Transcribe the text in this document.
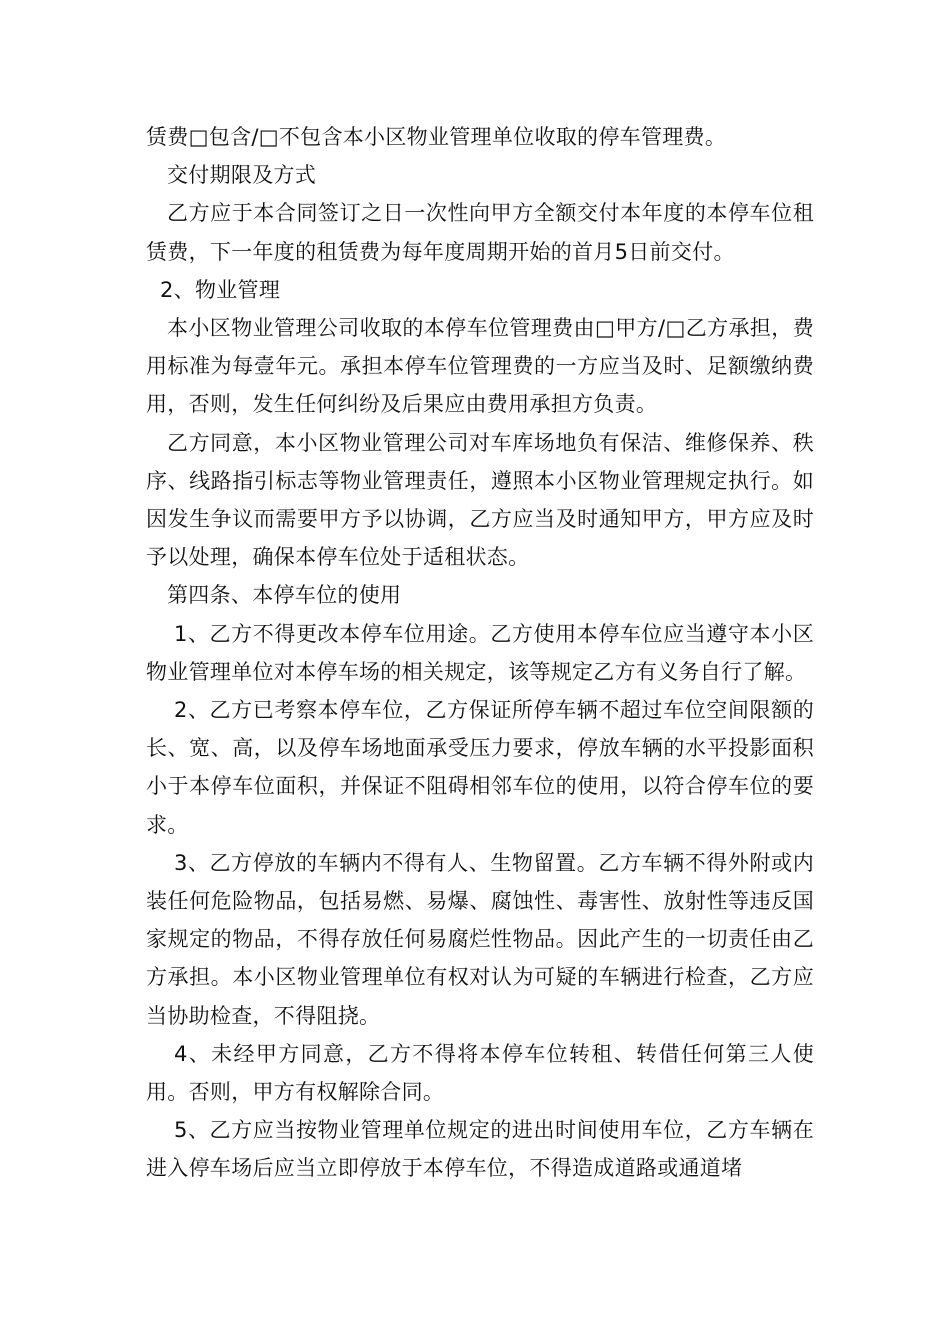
赁费□包含/□不包含本小区物业管理单位收取的停车管理费。

交付期限及方式

乙方应于本合同签订之日一次性向甲方全额交付本年度的本停车位租赁费，下一年度的租赁费为每年度周期开始的首月5日前交付。

2、物业管理

本小区物业管理公司收取的本停车位管理费由□甲方/□乙方承担，费用标准为每壹年元。承担本停车位管理费的一方应当及时、足额缴纳费用，否则，发生任何纠纷及后果应由费用承担方负责。

乙方同意，本小区物业管理公司对车库场地负有保洁、维修保养、秩序、线路指引标志等物业管理责任，遵照本小区物业管理规定执行。如因发生争议而需要甲方予以协调，乙方应当及时通知甲方，甲方应及时予以处理，确保本停车位处于适租状态。

第四条、本停车位的使用

1、乙方不得更改本停车位用途。乙方使用本停车位应当遵守本小区物业管理单位对本停车场的相关规定，该等规定乙方有义务自行了解。

2、乙方已考察本停车位，乙方保证所停车辆不超过车位空间限额的长、宽、高，以及停车场地面承受压力要求，停放车辆的水平投影面积小于本停车位面积，并保证不阻碍相邻车位的使用，以符合停车位的要求。

3、乙方停放的车辆内不得有人、生物留置。乙方车辆不得外附或内装任何危险物品，包括易燃、易爆、腐蚀性、毒害性、放射性等违反国家规定的物品，不得存放任何易腐烂性物品。因此产生的一切责任由乙方承担。本小区物业管理单位有权对认为可疑的车辆进行检查，乙方应当协助检查，不得阻挠。

4、未经甲方同意，乙方不得将本停车位转租、转借任何第三人使用。否则，甲方有权解除合同。

5、乙方应当按物业管理单位规定的进出时间使用车位，乙方车辆在进入停车场后应当立即停放于本停车位，不得造成道路或通道堵
